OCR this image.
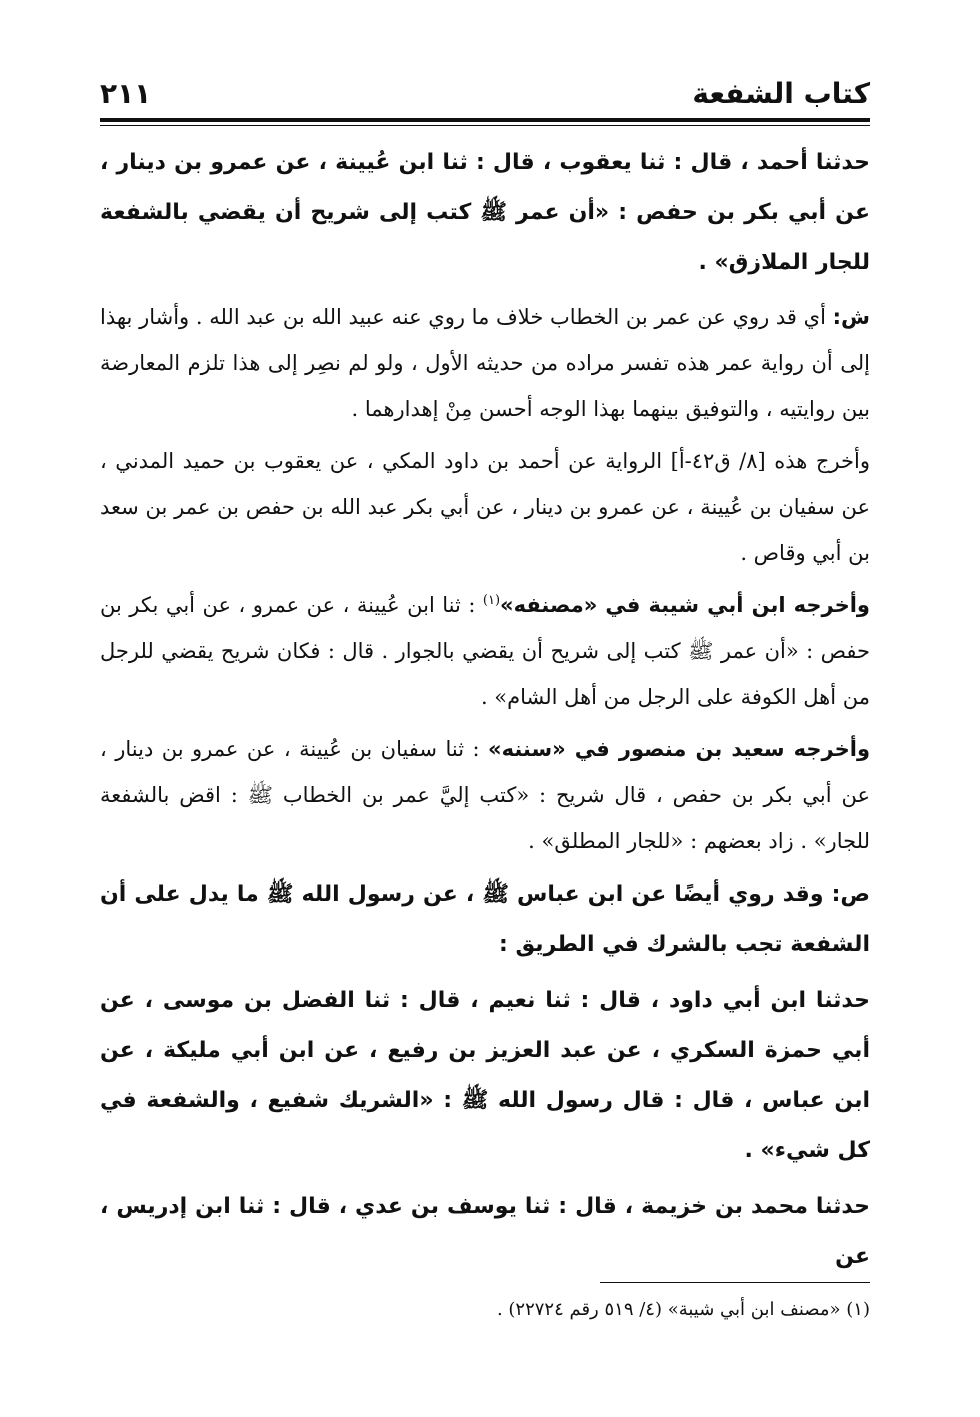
كتاب الشفعة
٢١١

حدثنا أحمد ، قال : ثنا يعقوب ، قال : ثنا ابن عُيينة ، عن عمرو بن دينار ، عن أبي بكر بن حفص : «أن عمر ﷺ كتب إلى شريح أن يقضي بالشفعة للجار الملازق» .

ش: أي قد روي عن عمر بن الخطاب خلاف ما روي عنه عبيد الله بن عبد الله . وأشار بهذا إلى أن رواية عمر هذه تفسر مراده من حديثه الأول ، ولو لم نصِر إلى هذا تلزم المعارضة بين روايتيه ، والتوفيق بينهما بهذا الوجه أحسن مِنْ إهدارهما .

وأخرج هذه [٨/ ق٤٢-أ] الرواية عن أحمد بن داود المكي ، عن يعقوب بن حميد المدني ، عن سفيان بن عُيينة ، عن عمرو بن دينار ، عن أبي بكر عبد الله بن حفص بن عمر بن سعد بن أبي وقاص .

وأخرجه ابن أبي شيبة في «مصنفه»$^{(١)}$ : ثنا ابن عُيينة ، عن عمرو ، عن أبي بكر بن حفص : «أن عمر ﷺ كتب إلى شريح أن يقضي بالجوار . قال : فكان شريح يقضي للرجل من أهل الكوفة على الرجل من أهل الشام» .

وأخرجه سعيد بن منصور في «سننه» : ثنا سفيان بن عُيينة ، عن عمرو بن دينار ، عن أبي بكر بن حفص ، قال شريح : «كتب إليَّ عمر بن الخطاب ﷺ : اقض بالشفعة للجار» . زاد بعضهم : «للجار المطلق» .

ص: وقد روي أيضًا عن ابن عباس ﷺ ، عن رسول الله ﷺ ما يدل على أن الشفعة تجب بالشرك في الطريق :

حدثنا ابن أبي داود ، قال : ثنا نعيم ، قال : ثنا الفضل بن موسى ، عن أبي حمزة السكري ، عن عبد العزيز بن رفيع ، عن ابن أبي مليكة ، عن ابن عباس ، قال : قال رسول الله ﷺ : «الشريك شفيع ، والشفعة في كل شيء» .

حدثنا محمد بن خزيمة ، قال : ثنا يوسف بن عدي ، قال : ثنا ابن إدريس ، عن

(١) «مصنف ابن أبي شيبة» (٤/ ٥١٩ رقم ٢٢٧٢٤) .
